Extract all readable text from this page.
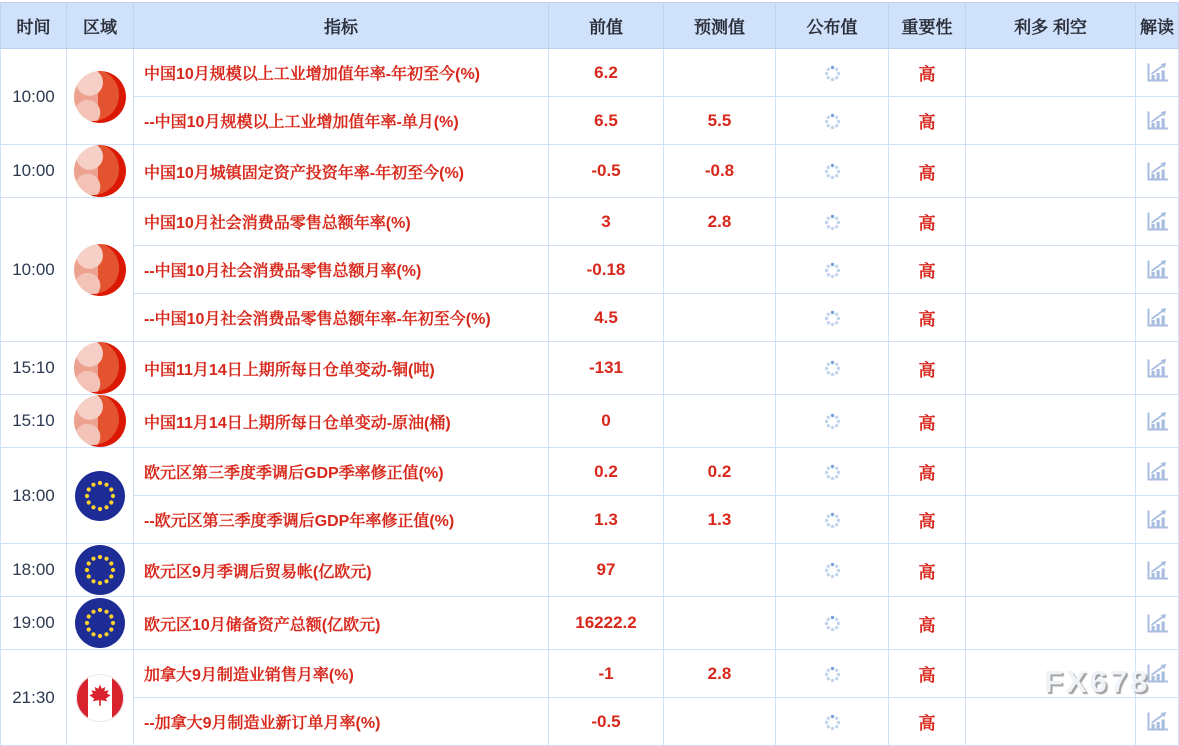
时间	区域	指标	前值	预测值	公布值	重要性	利多 利空	解读
10:00		中国10月规模以上工业增加值年率-年初至今(%)	6.2			高		
		--中国10月规模以上工业增加值年率-单月(%)	6.5	5.5		高		
10:00		中国10月城镇固定资产投资年率-年初至今(%)	-0.5	-0.8		高		
10:00		中国10月社会消费品零售总额年率(%)	3	2.8		高		
		--中国10月社会消费品零售总额月率(%)	-0.18			高		
		--中国10月社会消费品零售总额年率-年初至今(%)	4.5			高		
15:10		中国11月14日上期所每日仓单变动-铜(吨)	-131			高		
15:10		中国11月14日上期所每日仓单变动-原油(桶)	0			高		
18:00		欧元区第三季度季调后GDP季率修正值(%)	0.2	0.2		高		
		--欧元区第三季度季调后GDP年率修正值(%)	1.3	1.3		高		
18:00		欧元区9月季调后贸易帐(亿欧元)	97			高		
19:00		欧元区10月储备资产总额(亿欧元)	16222.2			高		
21:30		加拿大9月制造业销售月率(%)	-1	2.8		高		
		--加拿大9月制造业新订单月率(%)	-0.5			高		
FX678
